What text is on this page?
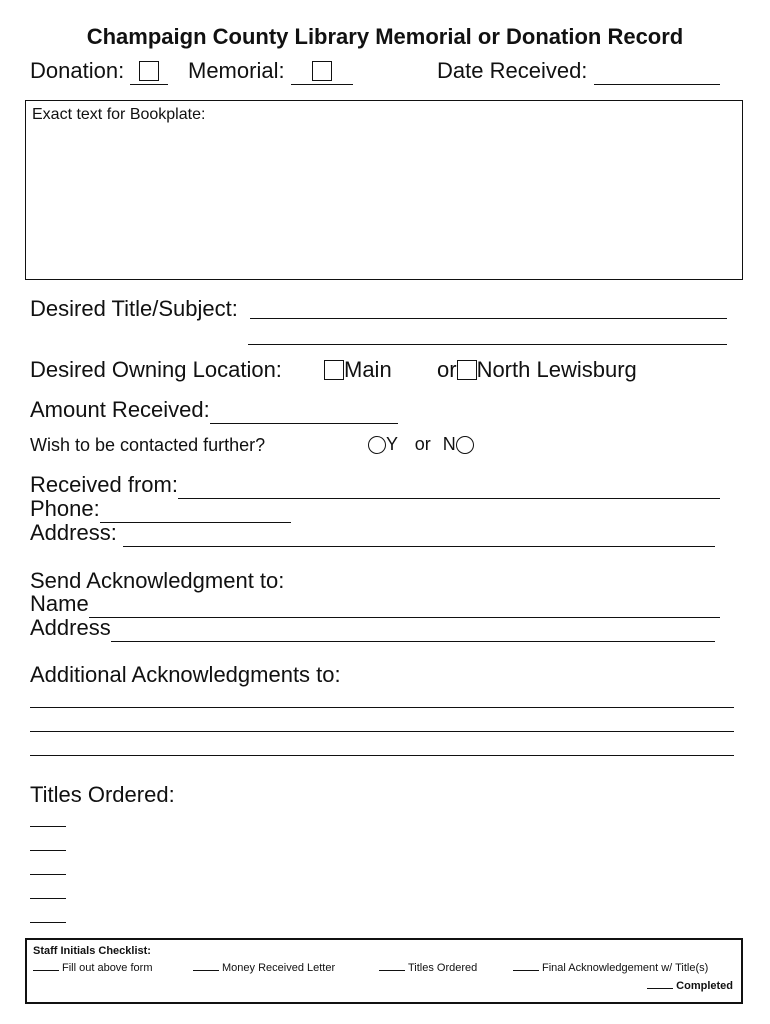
Champaign County Library Memorial or Donation Record
Donation:	Memorial:	Date Received:
Exact text for Bookplate:
Desired Title/Subject:
Desired Owning Location:	Main or North Lewisburg
Amount Received:
Wish to be contacted further?	Y or N
Received from:
Phone:
Address:
Send Acknowledgment to:
Name
Address
Additional Acknowledgments to:
Titles Ordered:
Staff Initials Checklist:
Fill out above form	Money Received Letter	Titles Ordered	Final Acknowledgement w/ Title(s)
Completed
